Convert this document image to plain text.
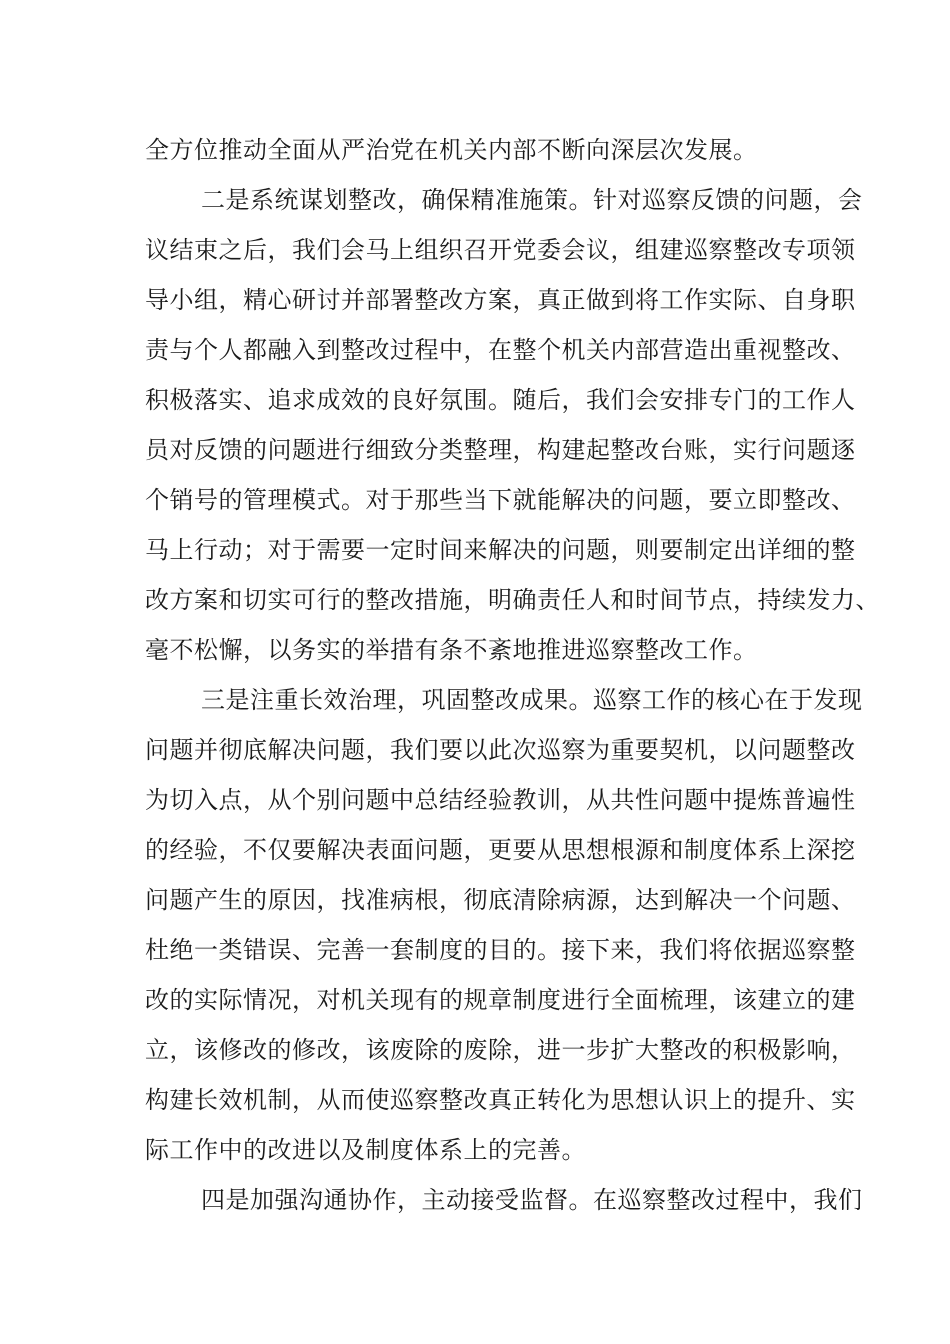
全方位推动全面从严治党在机关内部不断向深层次发展。
二是系统谋划整改，确保精准施策。针对巡察反馈的问题，会
议结束之后，我们会马上组织召开党委会议，组建巡察整改专项领
导小组，精心研讨并部署整改方案，真正做到将工作实际、自身职
责与个人都融入到整改过程中，在整个机关内部营造出重视整改、
积极落实、追求成效的良好氛围。随后，我们会安排专门的工作人
员对反馈的问题进行细致分类整理，构建起整改台账，实行问题逐
个销号的管理模式。对于那些当下就能解决的问题，要立即整改、
马上行动；对于需要一定时间来解决的问题，则要制定出详细的整
改方案和切实可行的整改措施，明确责任人和时间节点，持续发力、
毫不松懈，以务实的举措有条不紊地推进巡察整改工作。
三是注重长效治理，巩固整改成果。巡察工作的核心在于发现
问题并彻底解决问题，我们要以此次巡察为重要契机，以问题整改
为切入点，从个别问题中总结经验教训，从共性问题中提炼普遍性
的经验，不仅要解决表面问题，更要从思想根源和制度体系上深挖
问题产生的原因，找准病根，彻底清除病源，达到解决一个问题、
杜绝一类错误、完善一套制度的目的。接下来，我们将依据巡察整
改的实际情况，对机关现有的规章制度进行全面梳理，该建立的建
立，该修改的修改，该废除的废除，进一步扩大整改的积极影响，
构建长效机制，从而使巡察整改真正转化为思想认识上的提升、实
际工作中的改进以及制度体系上的完善。
四是加强沟通协作，主动接受监督。在巡察整改过程中，我们
